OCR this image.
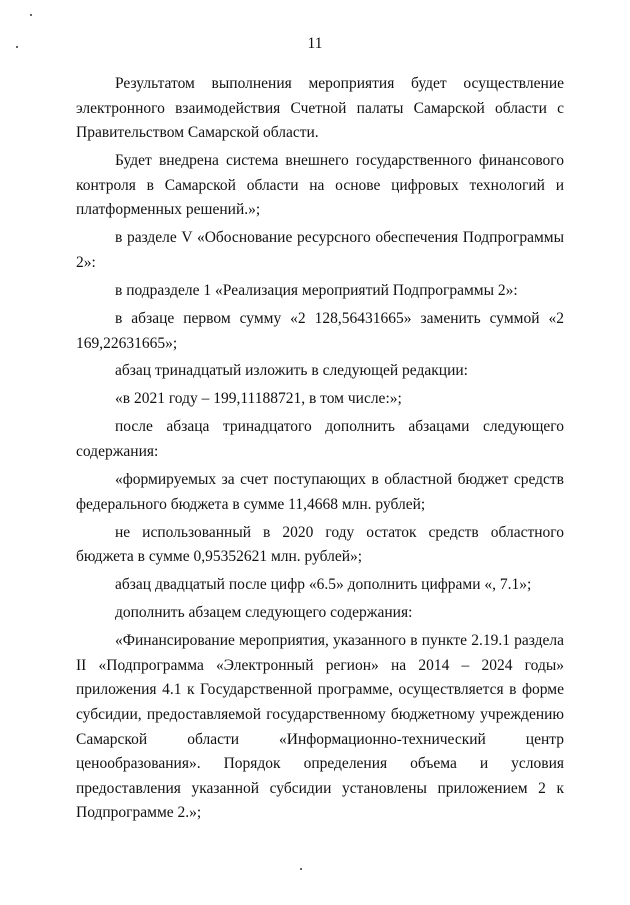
11

Результатом выполнения мероприятия будет осуществление электронного взаимодействия Счетной палаты Самарской области с Правительством Самарской области.

Будет внедрена система внешнего государственного финансового контроля в Самарской области на основе цифровых технологий и платформенных решений.»;

в разделе V «Обоснование ресурсного обеспечения Подпрограммы 2»:

в подразделе 1 «Реализация мероприятий Подпрограммы 2»:

в абзаце первом сумму «2 128,56431665» заменить суммой «2 169,22631665»;

абзац тринадцатый изложить в следующей редакции:

«в 2021 году – 199,11188721, в том числе:»;

после абзаца тринадцатого дополнить абзацами следующего содержания:

«формируемых за счет поступающих в областной бюджет средств федерального бюджета в сумме 11,4668 млн. рублей;

не использованный в 2020 году остаток средств областного бюджета в сумме 0,95352621 млн. рублей»;

абзац двадцатый после цифр «6.5» дополнить цифрами «, 7.1»;

дополнить абзацем следующего содержания:

«Финансирование мероприятия, указанного в пункте 2.19.1 раздела II «Подпрограмма «Электронный регион» на 2014 – 2024 годы» приложения 4.1 к Государственной программе, осуществляется в форме субсидии, предоставляемой государственному бюджетному учреждению Самарской области «Информационно-технический центр ценообразования». Порядок определения объема и условия предоставления указанной субсидии установлены приложением 2 к Подпрограмме 2.»;
